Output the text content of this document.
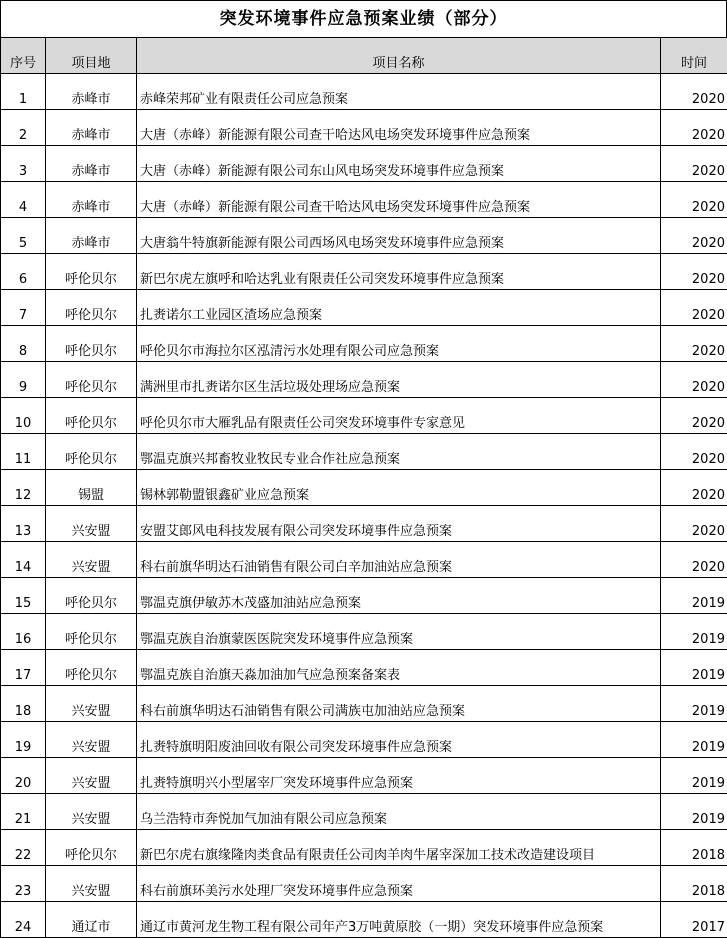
突发环境事件应急预案业绩（部分）
序号	项目地	项目名称	时间
1	赤峰市	赤峰荣邦矿业有限责任公司应急预案	2020
2	赤峰市	大唐（赤峰）新能源有限公司查干哈达风电场突发环境事件应急预案	2020
3	赤峰市	大唐（赤峰）新能源有限公司东山风电场突发环境事件应急预案	2020
4	赤峰市	大唐（赤峰）新能源有限公司查干哈达风电场突发环境事件应急预案	2020
5	赤峰市	大唐翁牛特旗新能源有限公司西场风电场突发环境事件应急预案	2020
6	呼伦贝尔	新巴尔虎左旗呼和哈达乳业有限责任公司突发环境事件应急预案	2020
7	呼伦贝尔	扎赉诺尔工业园区渣场应急预案	2020
8	呼伦贝尔	呼伦贝尔市海拉尔区泓清污水处理有限公司应急预案	2020
9	呼伦贝尔	满洲里市扎赉诺尔区生活垃圾处理场应急预案	2020
10	呼伦贝尔	呼伦贝尔市大雁乳品有限责任公司突发环境事件专家意见	2020
11	呼伦贝尔	鄂温克旗兴邦畜牧业牧民专业合作社应急预案	2020
12	锡盟	锡林郭勒盟银鑫矿业应急预案	2020
13	兴安盟	安盟艾郎风电科技发展有限公司突发环境事件应急预案	2020
14	兴安盟	科右前旗华明达石油销售有限公司白辛加油站应急预案	2020
15	呼伦贝尔	鄂温克旗伊敏苏木茂盛加油站应急预案	2019
16	呼伦贝尔	鄂温克族自治旗蒙医医院突发环境事件应急预案	2019
17	呼伦贝尔	鄂温克族自治旗天淼加油加气应急预案备案表	2019
18	兴安盟	科右前旗华明达石油销售有限公司满族屯加油站应急预案	2019
19	兴安盟	扎赉特旗明阳废油回收有限公司突发环境事件应急预案	2019
20	兴安盟	扎赉特旗明兴小型屠宰厂突发环境事件应急预案	2019
21	兴安盟	乌兰浩特市奔悦加气加油有限公司应急预案	2019
22	呼伦贝尔	新巴尔虎右旗缘隆肉类食品有限责任公司肉羊肉牛屠宰深加工技术改造建设项目	2018
23	兴安盟	科右前旗环美污水处理厂突发环境事件应急预案	2018
24	通辽市	通辽市黄河龙生物工程有限公司年产3万吨黄原胶（一期）突发环境事件应急预案	2017
